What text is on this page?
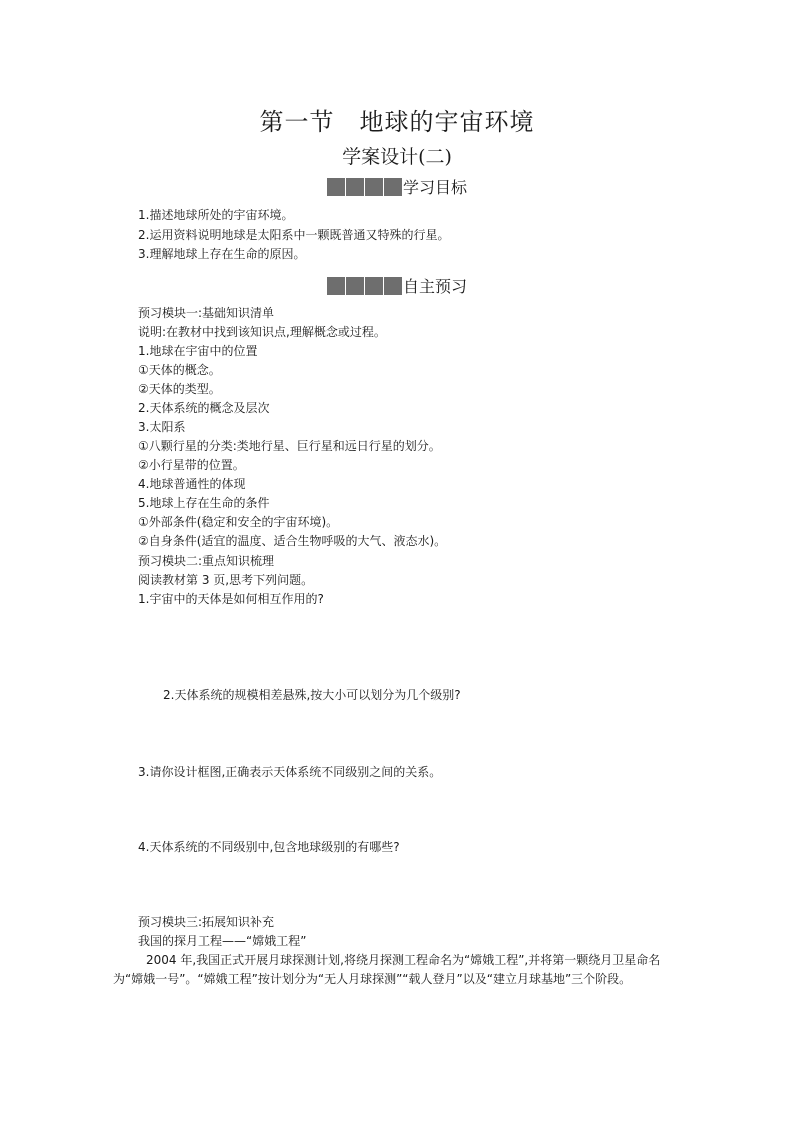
第一节　地球的宇宙环境
学案设计(二)
学习目标
1.描述地球所处的宇宙环境。
2.运用资料说明地球是太阳系中一颗既普通又特殊的行星。
3.理解地球上存在生命的原因。
自主预习
预习模块一:基础知识清单
说明:在教材中找到该知识点,理解概念或过程。
1.地球在宇宙中的位置
①天体的概念。
②天体的类型。
2.天体系统的概念及层次
3.太阳系
①八颗行星的分类:类地行星、巨行星和远日行星的划分。
②小行星带的位置。
4.地球普通性的体现
5.地球上存在生命的条件
①外部条件(稳定和安全的宇宙环境)。
②自身条件(适宜的温度、适合生物呼吸的大气、液态水)。
预习模块二:重点知识梳理
阅读教材第 3 页,思考下列问题。
1.宇宙中的天体是如何相互作用的?
2.天体系统的规模相差悬殊,按大小可以划分为几个级别?
3.请你设计框图,正确表示天体系统不同级别之间的关系。
4.天体系统的不同级别中,包含地球级别的有哪些?
预习模块三:拓展知识补充
我国的探月工程——“嫦娥工程”
2004 年,我国正式开展月球探测计划,将绕月探测工程命名为“嫦娥工程”,并将第一颗绕月卫星命名为“嫦娥一号”。“嫦娥工程”按计划分为“无人月球探测”“载人登月”以及“建立月球基地”三个阶段。
